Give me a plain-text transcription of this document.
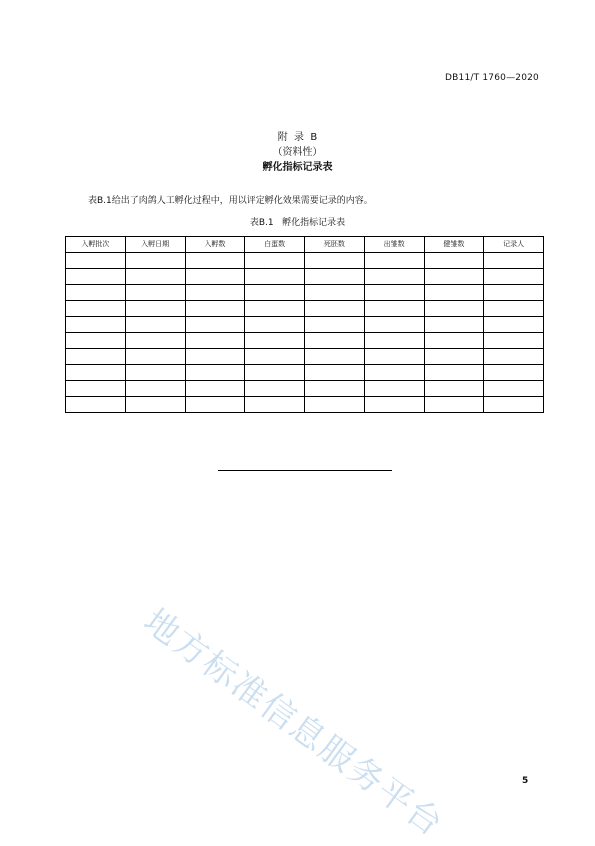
DB11/T 1760—2020
附  录  B
（资料性）
孵化指标记录表
表B.1给出了肉鸽人工孵化过程中，用以评定孵化效果需要记录的内容。
表B.1   孵化指标记录表
入孵批次	入孵日期	入孵数	白蛋数	死胚数	出雏数	健雏数	记录人

地方标准信息服务平台	5
